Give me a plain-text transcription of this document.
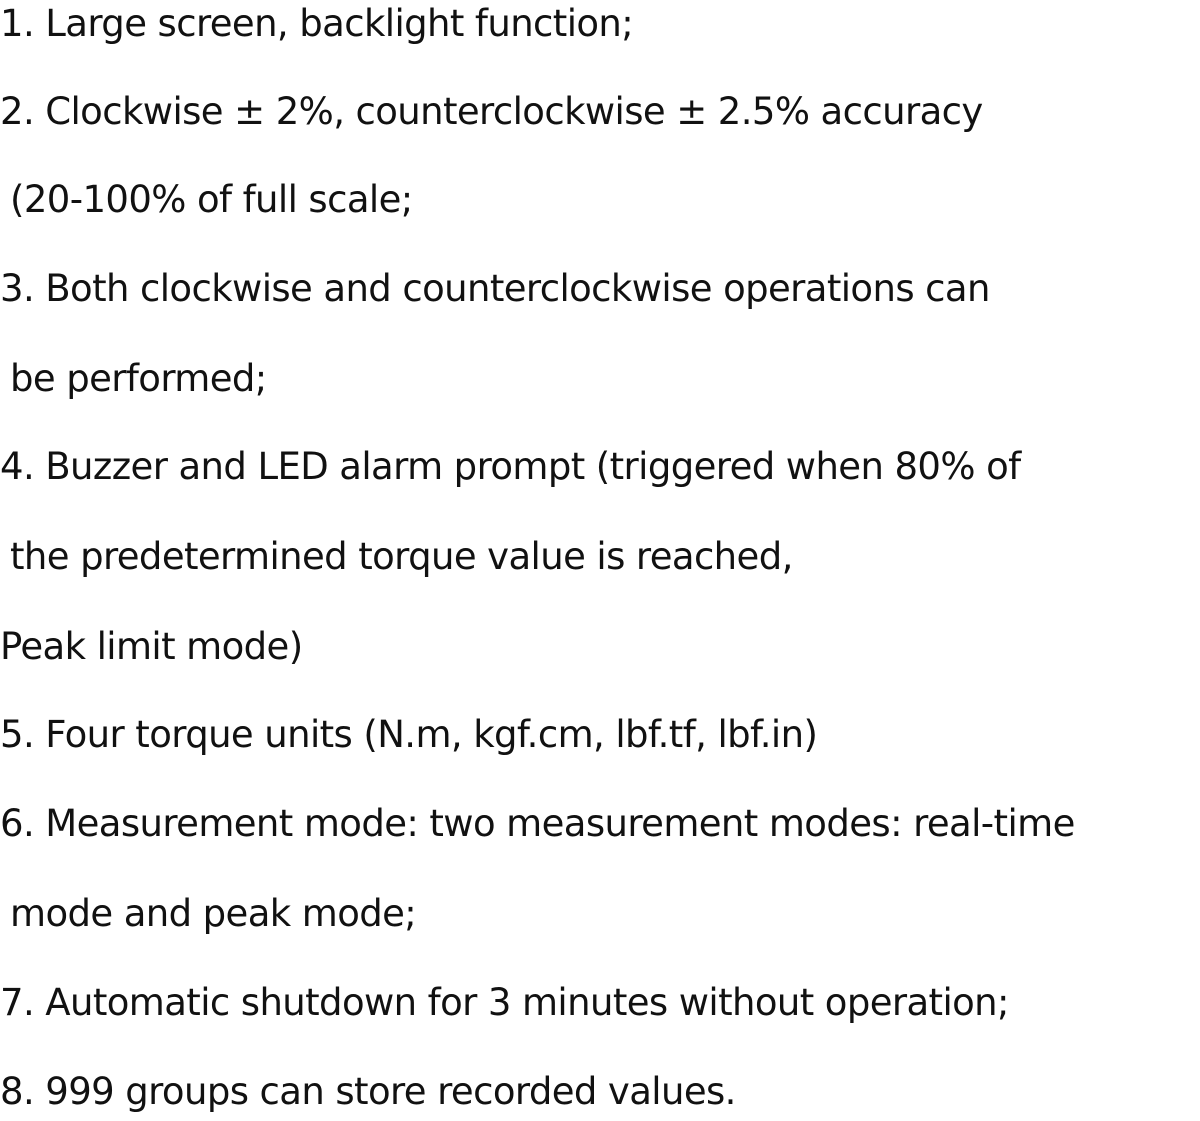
1. Large screen, backlight function;
2. Clockwise ± 2%, counterclockwise ± 2.5% accuracy
(20-100% of full scale;
3. Both clockwise and counterclockwise operations can
be performed;
4. Buzzer and LED alarm prompt (triggered when 80% of
the predetermined torque value is reached,
Peak limit mode)
5. Four torque units (N.m, kgf.cm, lbf.tf, lbf.in)
6. Measurement mode: two measurement modes: real-time
mode and peak mode;
7. Automatic shutdown for 3 minutes without operation;
8. 999 groups can store recorded values.
